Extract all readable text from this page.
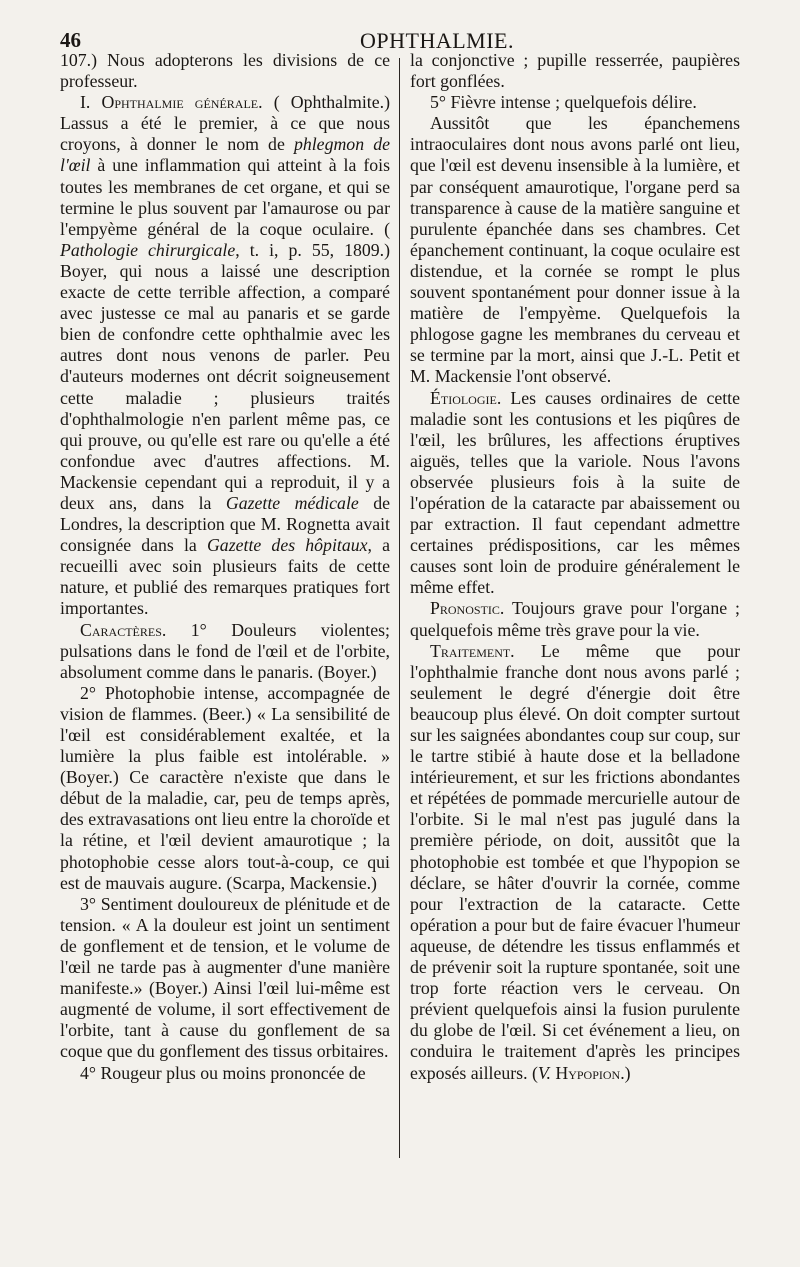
46	OPHTHALMIE.

107.) Nous adopterons les divisions de ce professeur.

I. Ophthalmie générale. ( Ophthalmite.) Lassus a été le premier, à ce que nous croyons, à donner le nom de phlegmon de l'œil à une inflammation qui atteint à la fois toutes les membranes de cet organe, et qui se termine le plus souvent par l'amaurose ou par l'empyème général de la coque oculaire. ( Pathologie chirurgicale, t. i, p. 55, 1809.) Boyer, qui nous a laissé une description exacte de cette terrible affection, a comparé avec justesse ce mal au panaris et se garde bien de confondre cette ophthalmie avec les autres dont nous venons de parler. Peu d'auteurs modernes ont décrit soigneusement cette maladie ; plusieurs traités d'ophthalmologie n'en parlent même pas, ce qui prouve, ou qu'elle est rare ou qu'elle a été confondue avec d'autres affections. M. Mackensie cependant qui a reproduit, il y a deux ans, dans la Gazette médicale de Londres, la description que M. Rognetta avait consignée dans la Gazette des hôpitaux, a recueilli avec soin plusieurs faits de cette nature, et publié des remarques pratiques fort importantes.

Caractères. 1° Douleurs violentes; pulsations dans le fond de l'œil et de l'orbite, absolument comme dans le panaris. (Boyer.)

2° Photophobie intense, accompagnée de vision de flammes. (Beer.) « La sensibilité de l'œil est considérablement exaltée, et la lumière la plus faible est intolérable. » (Boyer.) Ce caractère n'existe que dans le début de la maladie, car, peu de temps après, des extravasations ont lieu entre la choroïde et la rétine, et l'œil devient amaurotique ; la photophobie cesse alors tout-à-coup, ce qui est de mauvais augure. (Scarpa, Mackensie.)

3° Sentiment douloureux de plénitude et de tension. « A la douleur est joint un sentiment de gonflement et de tension, et le volume de l'œil ne tarde pas à augmenter d'une manière manifeste.» (Boyer.) Ainsi l'œil lui-même est augmenté de volume, il sort effectivement de l'orbite, tant à cause du gonflement de sa coque que du gonflement des tissus orbitaires.

4° Rougeur plus ou moins prononcée de

la conjonctive ; pupille resserrée, paupières fort gonflées.

5° Fièvre intense ; quelquefois délire.

Aussitôt que les épanchemens intraoculaires dont nous avons parlé ont lieu, que l'œil est devenu insensible à la lumière, et par conséquent amaurotique, l'organe perd sa transparence à cause de la matière sanguine et purulente épanchée dans ses chambres. Cet épanchement continuant, la coque oculaire est distendue, et la cornée se rompt le plus souvent spontanément pour donner issue à la matière de l'empyème. Quelquefois la phlogose gagne les membranes du cerveau et se termine par la mort, ainsi que J.-L. Petit et M. Mackensie l'ont observé.

Étiologie. Les causes ordinaires de cette maladie sont les contusions et les piqûres de l'œil, les brûlures, les affections éruptives aiguës, telles que la variole. Nous l'avons observée plusieurs fois à la suite de l'opération de la cataracte par abaissement ou par extraction. Il faut cependant admettre certaines prédispositions, car les mêmes causes sont loin de produire généralement le même effet.

Pronostic. Toujours grave pour l'organe ; quelquefois même très grave pour la vie.

Traitement. Le même que pour l'ophthalmie franche dont nous avons parlé ; seulement le degré d'énergie doit être beaucoup plus élevé. On doit compter surtout sur les saignées abondantes coup sur coup, sur le tartre stibié à haute dose et la belladone intérieurement, et sur les frictions abondantes et répétées de pommade mercurielle autour de l'orbite. Si le mal n'est pas jugulé dans la première période, on doit, aussitôt que la photophobie est tombée et que l'hypopion se déclare, se hâter d'ouvrir la cornée, comme pour l'extraction de la cataracte. Cette opération a pour but de faire évacuer l'humeur aqueuse, de détendre les tissus enflammés et de prévenir soit la rupture spontanée, soit une trop forte réaction vers le cerveau. On prévient quelquefois ainsi la fusion purulente du globe de l'œil. Si cet événement a lieu, on conduira le traitement d'après les principes exposés ailleurs. (V. Hypopion.)
